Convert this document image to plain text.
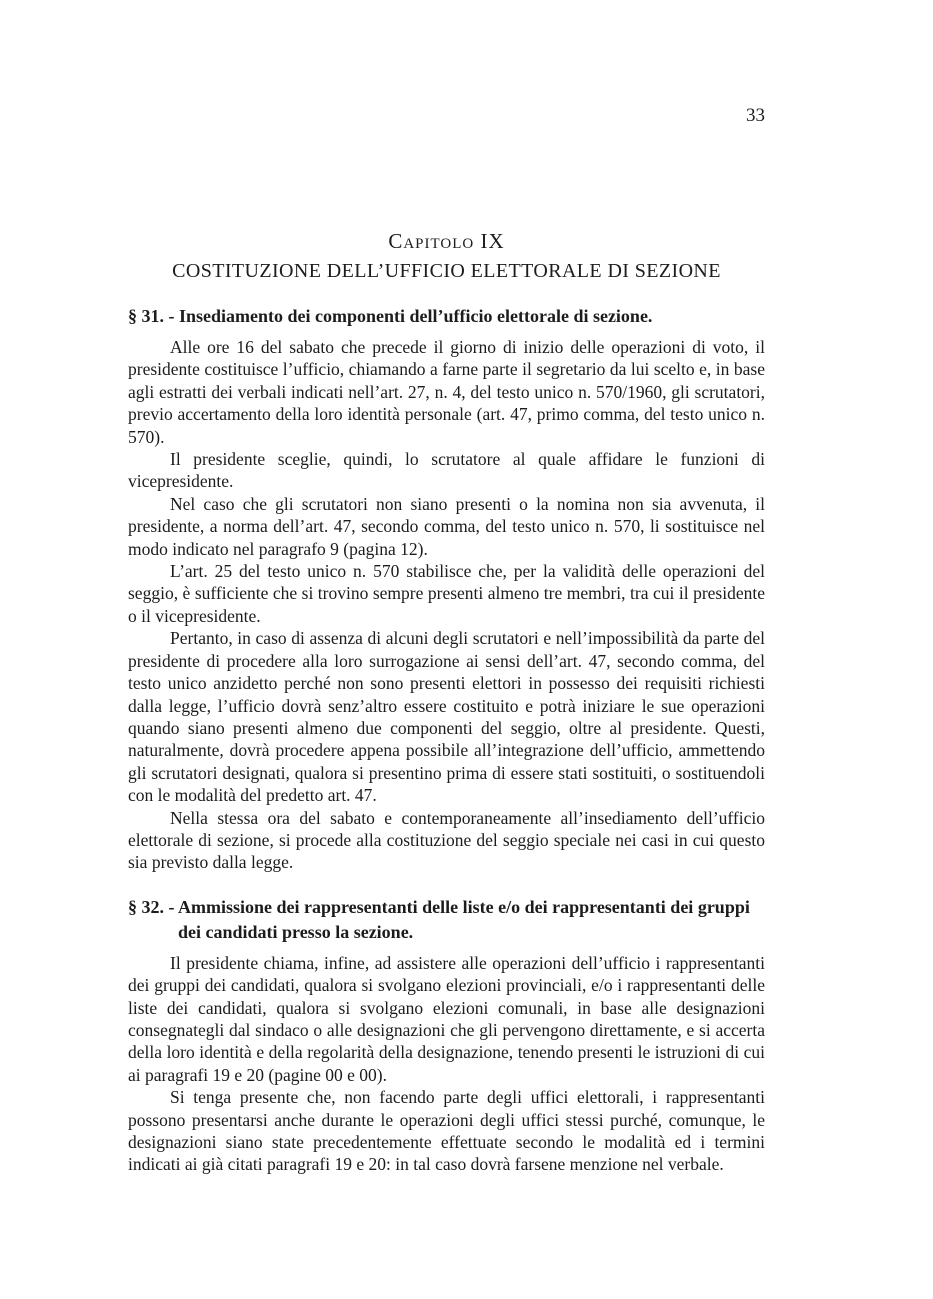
33
Capitolo IX
COSTITUZIONE DELL’UFFICIO ELETTORALE DI SEZIONE
§ 31. - Insediamento dei componenti dell’ufficio elettorale di sezione.

Alle ore 16 del sabato che precede il giorno di inizio delle operazioni di voto, il presidente costituisce l’ufficio, chiamando a farne parte il segretario da lui scelto e, in base agli estratti dei verbali indicati nell’art. 27, n. 4, del testo unico n. 570/1960, gli scrutatori, previo accertamento della loro identità personale (art. 47, primo comma, del testo unico n. 570).

Il presidente sceglie, quindi, lo scrutatore al quale affidare le funzioni di vicepresidente.

Nel caso che gli scrutatori non siano presenti o la nomina non sia avvenuta, il presidente, a norma dell’art. 47, secondo comma, del testo unico n. 570, li sostituisce nel modo indicato nel paragrafo 9 (pagina 12).

L’art. 25 del testo unico n. 570 stabilisce che, per la validità delle operazioni del seggio, è sufficiente che si trovino sempre presenti almeno tre membri, tra cui il presidente o il vicepresidente.

Pertanto, in caso di assenza di alcuni degli scrutatori e nell’impossibilità da parte del presidente di procedere alla loro surrogazione ai sensi dell’art. 47, secondo comma, del testo unico anzidetto perché non sono presenti elettori in possesso dei requisiti richiesti dalla legge, l’ufficio dovrà senz’altro essere costituito e potrà iniziare le sue operazioni quando siano presenti almeno due componenti del seggio, oltre al presidente. Questi, naturalmente, dovrà procedere appena possibile all’integrazione dell’ufficio, ammettendo gli scrutatori designati, qualora si presentino prima di essere stati sostituiti, o sostituendoli con le modalità del predetto art. 47.

Nella stessa ora del sabato e contemporaneamente all’insediamento dell’ufficio elettorale di sezione, si procede alla costituzione del seggio speciale nei casi in cui questo sia previsto dalla legge.

§ 32. - Ammissione dei rappresentanti delle liste e/o dei rappresentanti dei gruppi dei candidati presso la sezione.

Il presidente chiama, infine, ad assistere alle operazioni dell’ufficio i rappresentanti dei gruppi dei candidati, qualora si svolgano elezioni provinciali, e/o i rappresentanti delle liste dei candidati, qualora si svolgano elezioni comunali, in base alle designazioni consegnategli dal sindaco o alle designazioni che gli pervengono direttamente, e si accerta della loro identità e della regolarità della designazione, tenendo presenti le istruzioni di cui ai paragrafi 19 e 20 (pagine 00 e 00).

Si tenga presente che, non facendo parte degli uffici elettorali, i rappresentanti possono presentarsi anche durante le operazioni degli uffici stessi purché, comunque, le designazioni siano state precedentemente effettuate secondo le modalità ed i termini indicati ai già citati paragrafi 19 e 20: in tal caso dovrà farsene menzione nel verbale.
